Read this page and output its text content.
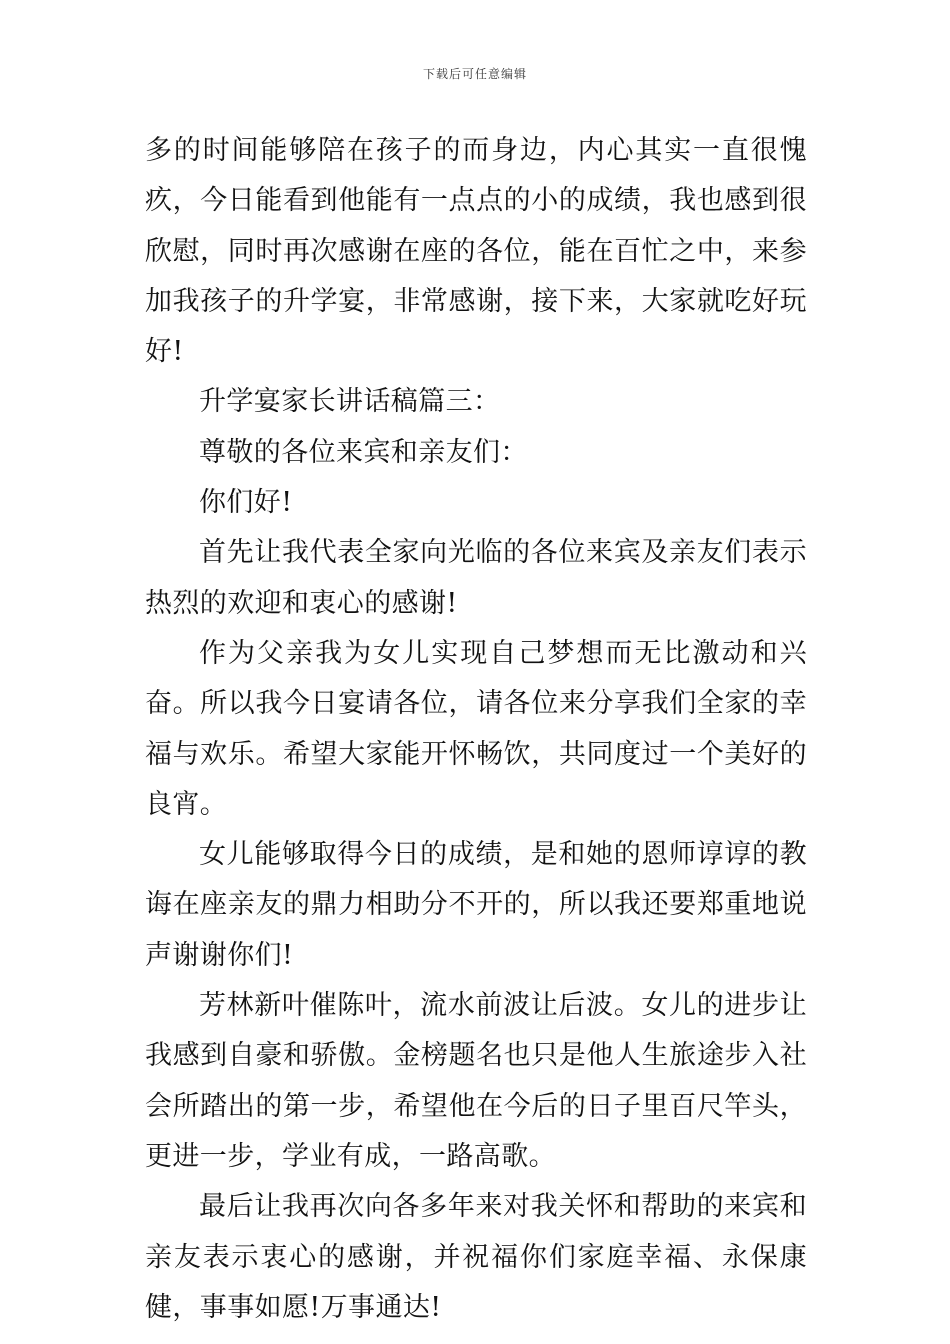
下载后可任意编辑

多的时间能够陪在孩子的而身边，内心其实一直很愧疚，今日能看到他能有一点点的小的成绩，我也感到很欣慰，同时再次感谢在座的各位，能在百忙之中，来参加我孩子的升学宴，非常感谢，接下来，大家就吃好玩好!

升学宴家长讲话稿篇三：

尊敬的各位来宾和亲友们：

你们好!

首先让我代表全家向光临的各位来宾及亲友们表示热烈的欢迎和衷心的感谢!

作为父亲我为女儿实现自己梦想而无比激动和兴奋。所以我今日宴请各位，请各位来分享我们全家的幸福与欢乐。希望大家能开怀畅饮，共同度过一个美好的良宵。

女儿能够取得今日的成绩，是和她的恩师谆谆的教诲在座亲友的鼎力相助分不开的，所以我还要郑重地说声谢谢你们!

芳林新叶催陈叶，流水前波让后波。女儿的进步让我感到自豪和骄傲。金榜题名也只是他人生旅途步入社会所踏出的第一步，希望他在今后的日子里百尺竿头，更进一步，学业有成，一路高歌。

最后让我再次向各多年来对我关怀和帮助的来宾和亲友表示衷心的感谢，并祝福你们家庭幸福、永保康健，事事如愿!万事通达!
